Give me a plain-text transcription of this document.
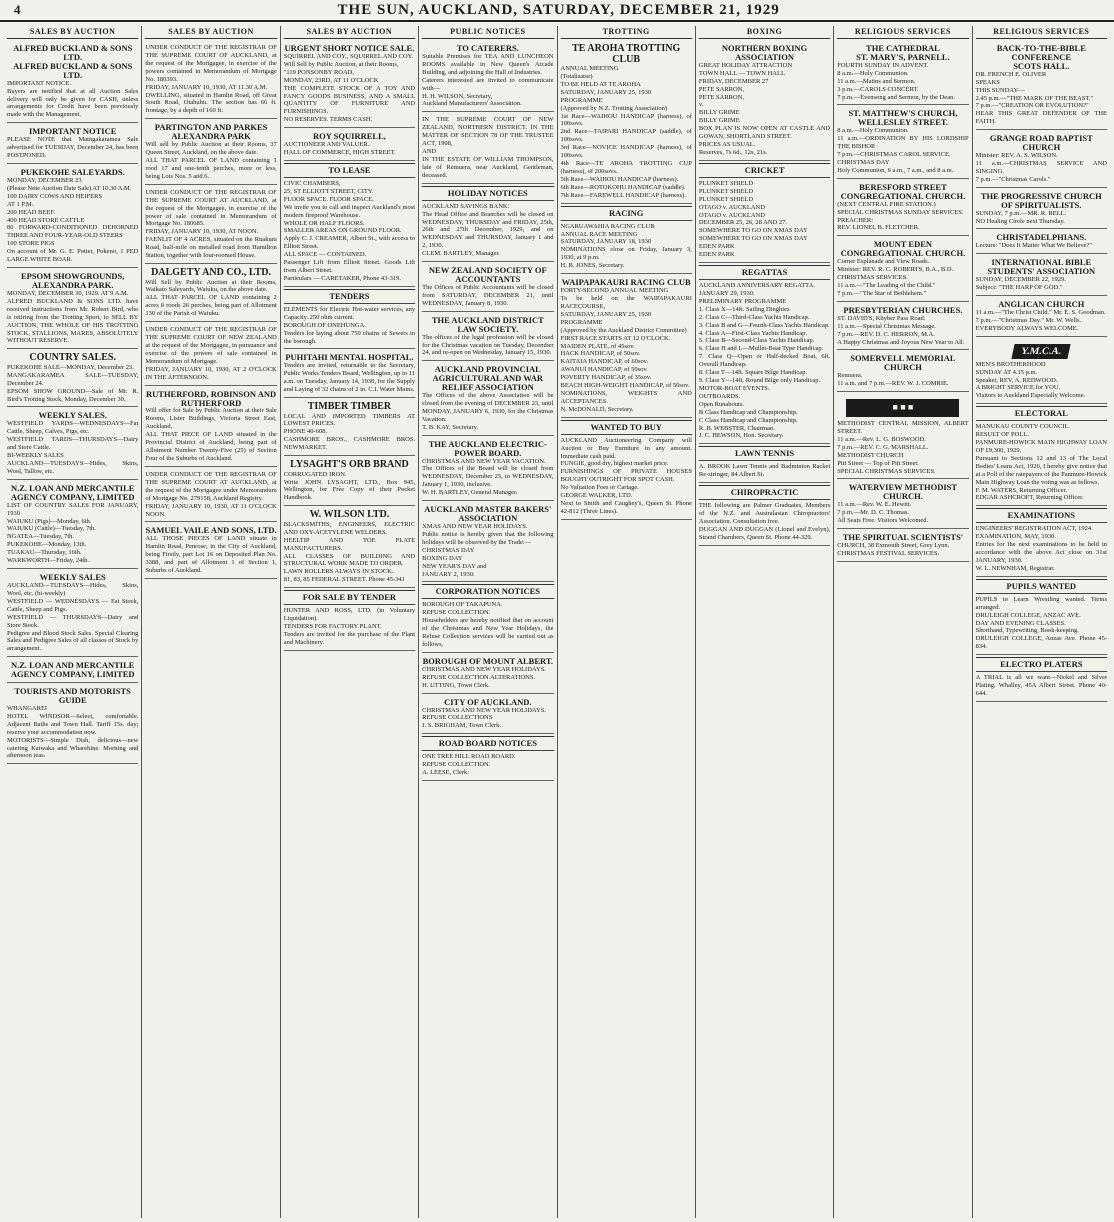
4	THE SUN, AUCKLAND, SATURDAY, DECEMBER 21, 1929

SALES BY AUCTION
ALFRED BUCKLAND & SONS LTD.
ALFRED BUCKLAND & SONS LTD.
IMPORTANT NOTICE.
Buyers are notified that at all Auction Sales delivery will only be given for CASH, unless arrangements for Credit have been previously made with the Management.
IMPORTANT NOTICE
PLEASE NOTE that Matngakaramea Sale advertised for TUESDAY, December 24, has been POSTPONED.
PUKEKOHE SALEYARDS.
MONDAY, DECEMBER 23
(Please Note Auction Date Sale) AT 10.30 A.M.
100 DAIRY COWS AND HEIFERS
AT 1 P.M.
200 HEAD BEEF.
400 HEAD STORE CATTLE
80 FORWARD-CONDITIONED DEHORNED THREE AND FOUR-YEAR-OLD STEERS
100 STORE PIGS
On account of Mr. G. E. Potter, Pokeno, 1 PED LARGE WHITE BOAR.
EPSOM SHOWGROUNDS,
ALEXANDRA PARK.
MONDAY, DECEMBER 30, 1929. AT 9 A.M.
ALFRED BUCKLAND & SONS LTD. have received instructions from Mr. Robert Bird, who is retiring from the Trotting Sport, to SELL BY AUCTION, THE WHOLE OF HIS TROTTING STOCK, STALLIONS, MARES, ABSOLUTELY WITHOUT RESERVE.
COUNTRY SALES.
PUKEKOHE SALE—MONDAY, December 23.
MANGAKARAMEA SALE—TUESDAY, December 24.
EPSOM SHOW GROUND—Sale of Mr. R. Bird's Trotting Stock, Monday, December 30.
WEEKLY SALES.
WESTFIELD YARDS—WEDNESDAYS—Fat Cattle, Sheep, Calves, Pigs, etc.
WESTFIELD TARDS—THURSDAYS—Dairy and Store Cattle.
BI-WEEKLY SALES
AUCKLAND—TUESDAYS—Hides, Skins, Wool, Tallow, etc.
N.Z. LOAN AND MERCANTILE AGENCY COMPANY, LIMITED
LIST OF COUNTRY SALES FOR JANUARY, 1930
WAIUKU (Pigs)—Monday, 6th.
WAIUKU (Cattle)—Tuesday, 7th.
NGATEA—Tuesday, 7th.
PUKEKOHE—Monday, 13th.
TUAKAU—Thursday, 16th.
WARKWORTH—Friday, 24th.
WEEKLY SALES
AUCKLAND—TUESDAYS—Hides, Skins, Wool, etc. (bi-weekly)
WESTFIELD — WEDNESDAYS — Fat Stock, Cattle, Sheep and Pigs.
WESTFIELD — THURSDAYS—Dairy and Store Stock.
Pedigree and Blood Stock Sales. Special Clearing Sales and Pedigree Sales of all classes of Stock by arrangement.
N.Z. LOAN AND MERCANTILE AGENCY COMPANY, LIMITED
TOURISTS AND MOTORISTS GUIDE
WHANGAREI
HOTEL WINDSOR—Select, comfortable. Adjacent Baths and Town Hall. Tariff 15s. day; reserve your accommodation now.
MOTORISTS—Simple Dish, delicious—new catering Kaiwaka and Wharehine. Morning and afternoon teas.
SALES BY AUCTION
UNDER CONDUCT OF THE REGISTRAR OF THE SUPREME COURT OF AUCKLAND, at the request of the Mortgagee, in exercise of the powers contained in Memorandum of Mortgage No. 180393.
FRIDAY, JANUARY 10, 1930, AT 11.30 A.M.
DWELLING, situated in Hamlin Road, off Great South Road, Otahuhu. The section has 66 ft. frontage, by a depth of 160 ft.
PARTINGTON AND PARKES
ALEXANDRA PARK
Will sell by Public Auction at their Rooms, 37 Queen Street, Auckland, on the above date.
ALL THAT PARCEL OF LAND containing 1 rood 17 and one-tenth perches, more or less, being Lots Nos. 5 and 6.
UNDER CONDUCT OF THE REGISTRAR OF THE SUPREME COURT AT AUCKLAND, at the request of the Mortgagee, in exercise of the power of sale contained in Memorandum of Mortgage No. 180685.
FRIDAY, JANUARY 10, 1930, AT NOON.
FAENLIT OF 4 ACRES, situated on the Ruakura Road, half-mile on metalled road from Hamilton Station, together with four-roomed House.
DALGETY AND CO., LTD.
Will Sell by Public Auction at their Rooms, Waikato Saleyards, Waiuku, on the above date.
ALL THAT PARCEL OF LAND containing 2 acres 0 roods 26 perches, being part of Allotment 130 of the Parish of Waiuku.
UNDER CONDUCT OF THE REGISTRAR OF THE SUPREME COURT OF NEW ZEALAND at the request of the Mortgagee, in pursuance and exercise of the powers of sale contained in Memorandum of Mortgage.
FRIDAY, JANUARY 10, 1930, AT 2 O'CLOCK IN THE AFTERNOON.
RUTHERFORD, ROBINSON AND RUTHERFORD
Will offer for Sale by Public Auction at their Sale Rooms, Lister Buildings, Victoria Street East, Auckland.
ALL THAT PIECE OF LAND situated in the Provincial District of Auckland, being part of Allotment Number Twenty-Five (25) of Section Four of the Suburbs of Auckland.
UNDER CONDUCT OF THE REGISTRAR OF THE SUPREME COURT AT AUCKLAND, at the request of the Mortgagee under Memorandum of Mortgage No. 279158, Auckland Registry.
FRIDAY, JANUARY 10, 1930, AT 11 O'CLOCK NOON.
SAMUEL VAILE AND SONS, LTD.
ALL THOSE PIECES OF LAND situate in Hamlin Road, Penrose, in the City of Auckland, being Firstly, part Lot 16 on Deposited Plan No. 3388, and part of Allotment 1 of Section 1, Suburbs of Auckland.
SALES BY AUCTION
URGENT SHORT NOTICE SALE.
SQUIRREL AND COY., SQUIRREL AND COY.
Will Sell by Public Auction, at their Rooms,
"119 PONSONBY ROAD,
MONDAY, 23RD, AT 11 O'CLOCK
THE COMPLETE STOCK OF A TOY AND FANCY GOODS BUSINESS, AND A SMALL QUANTITY OF FURNITURE AND FURNISHINGS.
NO RESERVES. TERMS CASH.
ROY SQUIRRELL,
AUCTIONEER AND VALUER.
HALL OF COMMERCE, HIGH STREET.
TO LEASE
CIVIC CHAMBERS,
25, ST ELLIOTT STREET, CITY.
FLOOR SPACE. FLOOR SPACE.
We invite you to call and inspect Auckland's most modern fireproof Warehouse.
WHOLE OR HALF FLOORS.
SMALLER AREAS ON GROUND FLOOR.
Apply C. J. CREAMER, Albert St., with access to Elliott Street.
ALL SPACE — CONTAINED.
Passenger Lift from Elliott Street. Goods Lift from Albert Street.
Particulars — CARETAKER, Phone 43-319.
TENDERS
ELEMENTS for Electric Hot-water services, any Capacity. 250 ohm current.
BOROUGH OF ONEHUNGA.
Tenders for laying about 750 chains of Sewers in the borough.
PUHITAHI MENTAL HOSPITAL.
Tenders are invited, returnable to the Secretary, Public Works Tenders Board, Wellington, up to 11 a.m. on Tuesday, January 14, 1930, for the Supply and Laying of 32 chains of 2 in. C.I. Water Mains.
TIMBER TIMBER
LOCAL AND IMPORTED TIMBERS AT LOWEST PRICES.
PHONE 40-608.
CASHMORE BROS., CASHMORE BROS. NEWMARKET.
LYSAGHT'S ORB BRAND
CORRUGATED IRON.
Write JOHN LYSAGHT, LTD., Box 945, Wellington, for Free Copy of their Pocket Handbook.
W. WILSON LTD.
BLACKSMITHS, ENGINEERS, ELECTRIC AND OXY-ACETYLENE WELDERS.
HEELTIP AND TOE PLATE MANUFACTURERS.
ALL CLASSES OF BUILDING AND STRUCTURAL WORK MADE TO ORDER.
LAWN ROLLERS ALWAYS IN STOCK.
81, 83, 85 FEDERAL STREET. Phone 45-341
FOR SALE BY TENDER
HUNTER AND ROSS, LTD. (in Voluntary Liquidation).
TENDERS FOR FACTORY PLANT.
Tenders are invited for the purchase of the Plant and Machinery.
PUBLIC NOTICES
TO CATERERS.
Suitable Premises for TEA AND LUNCHEON ROOMS available in New Queen's Arcade Building, and adjoining the Hall of Industries.
Caterers interested are invited to communicate with—
H. H. WILSON, Secretary,
Auckland Manufacturers' Association.
IN THE SUPREME COURT OF NEW ZEALAND, NORTHERN DISTRICT. IN THE MATTER OF SECTION 78 OF THE TRUSTEE ACT, 1908,
AND
IN THE ESTATE OF WILLIAM THOMPSON, late of Remuera, near Auckland, Gentleman, deceased.
HOLIDAY NOTICES
AUCKLAND SAVINGS BANK.
The Head Office and Branches will be closed on WEDNESDAY, THURSDAY and FRIDAY, 25th, 26th and 27th December, 1929, and on WEDNESDAY and THURSDAY, January 1 and 2, 1930.
CLEM. BARTLEY, Manager.
NEW ZEALAND SOCIETY OF ACCOUNTANTS
The Offices of Public Accountants will be closed from SATURDAY, DECEMBER 21, until WEDNESDAY, January 8, 1930.
THE AUCKLAND DISTRICT LAW SOCIETY.
The offices of the legal profession will be closed for the Christmas vacation on Tuesday, December 24, and re-open on Wednesday, January 15, 1930.
AUCKLAND PROVINCIAL AGRICULTURAL AND WAR RELIEF ASSOCIATION
The Offices of the above Association will be closed from the evening of DECEMBER 23, until MONDAY, JANUARY 6, 1930, for the Christmas Vacation.
T. B. KAY, Secretary.
THE AUCKLAND ELECTRIC-POWER BOARD.
CHRISTMAS AND NEW YEAR VACATION.
The Offices of the Board will be closed from WEDNESDAY, December 25, to WEDNESDAY, January 1, 1930, inclusive.
W. H. BARTLEY, General Manager.
AUCKLAND MASTER BAKERS' ASSOCIATION
XMAS AND NEW YEAR HOLIDAYS.
Public notice is hereby given that the following holidays will be observed by the Trade:—
CHRISTMAS DAY
BOXING DAY
NEW YEAR'S DAY and
JANUARY 2, 1930.
CORPORATION NOTICES
BOROUGH OF TAKAPUNA.
REFUSE COLLECTION.
Householders are hereby notified that on account of the Christmas and New Year Holidays, the Refuse Collection services will be carried out as follows.
BOROUGH OF MOUNT ALBERT.
CHRISTMAS AND NEW YEAR HOLIDAYS.
REFUSE COLLECTION ALTERATIONS.
H. UTTING, Town Clerk.
CITY OF AUCKLAND.
CHRISTMAS AND NEW YEAR HOLIDAYS.
REFUSE COLLECTIONS
J. S. BRIGHAM, Town Clerk.
ROAD BOARD NOTICES
ONE TREE HILL ROAD BOARD.
REFUSE COLLECTION.
A. LEESE, Clerk.
TROTTING
TE AROHA TROTTING CLUB
ANNUAL MEETING
(Totalisator)
TO BE HELD AT TE AROHA
SATURDAY, JANUARY 25, 1930
PROGRAMME
(Approved by N.Z. Trotting Association)
1st Race—WAIHOU HANDICAP (harness), of 100sovs.
2nd Race—TAIPARI HANDICAP (saddle), of 100sovs.
3rd Race—NOVICE HANDICAP (harness), of 100sovs.
4th Race—TE AROHA TROTTING CUP (harness), of 200sovs.
5th Race—WAIHOU HANDICAP (harness).
6th Race—ROTOKOHU HANDICAP (saddle).
7th Race—FAREWELL HANDICAP (harness).
RACING
NGARUAWAHIA RACING CLUB
ANNUAL RACE MEETING
SATURDAY, JANUARY 18, 1930
NOMINATIONS close on Friday, January 3, 1930, at 9 p.m.
H. B. JONES, Secretary.
WAIPAPAKAURI RACING CLUB
FORTY-SECOND ANNUAL MEETING
To be held on the WAIPAPAKAURI RACECOURSE,
SATURDAY, JANUARY 25, 1930
PROGRAMME
(Approved by the Auckland District Committee)
FIRST RACE STARTS AT 12 O'CLOCK.
MAIDEN PLATE, of 45sov.
HACK HANDICAP, of 50sov.
KAITAIA HANDICAP, of 60sov.
AWANUI HANDICAP, of 50sov.
POVERTY HANDICAP, of 35sov.
BEACH HIGH-WEIGHT HANDICAP, of 50sov.
NOMINATIONS, WEIGHTS AND ACCEPTANCES.
N. McDONALD, Secretary.
WANTED TO BUY
AUCKLAND Auctioneering Company will Auction or Buy Furniture to any amount. Immediate cash paid.
FUNGIE, good dry, highest market price.
FURNISHINGS OF PRIVATE HOUSES BOUGHT OUTRIGHT FOR SPOT CASH.
No Valuation Fees or Cartage.
GEORGE WALKER, LTD.
Next to Smith and Caughey's, Queen St. Phone 42-812 (Three Lines).
BOXING
NORTHERN BOXING ASSOCIATION
GREAT HOLIDAY ATTRACTION
TOWN HALL — TOWN HALL
FRIDAY, DECEMBER 27
PETE SARRON,
PETE SARRON,
v.
BILLY GRIME
BILLY GRIME
BOX PLAN IS NOW OPEN AT CASTLE AND GOWAN, SHORTLAND STREET.
PRICES AS USUAL.
Reserves, 7s 6d., 12s, 21s.
CRICKET
PLUNKET SHIELD
PLUNKET SHIELD
PLUNKET SHIELD
OTAGO v. AUCKLAND
OTAGO v. AUCKLAND
DECEMBER 25, 26, 28 AND 27.
SOMEWHERE TO GO ON XMAS DAY
SOMEWHERE TO GO ON XMAS DAY
EDEN PARK
EDEN PARK
REGATTAS
AUCKLAND ANNIVERSARY REGATTA.
JANUARY 29, 1930.
PRELIMINARY PROGRAMME
1. Class X—14ft. Sailing Dinghies
2. Class C—Third-Class Yachts Handicap.
3. Class B and G—Fourth-Class Yachts Handicap.
4. Class A—First-Class Yachts Handicap.
5. Class B—Second-Class Yachts Handicap.
6. Class H and L—Mullet-Boat Type Handicap.
7. Class Q—Open or Half-decked Boat, 6ft. Overall Handicap.
8. Class T—14ft. Square Bilge Handicap.
9. Class Y—14ft. Round Bilge only Handicap.
MOTOR-BOAT EVENTS.
OUTBOARDS.
Open Runabouts.
B Class Handicap and Championship.
C Class Handicap and Championship.
R. B. WEBSTER, Chairman.
J. C. HEWSON, Hon. Secretary.
LAWN TENNIS
A. BROOK Lawn Tennis and Badminton Racket Re-stringer, 84 Albert St.
CHIROPRACTIC
THE following are Palmer Graduates, Members of the N.Z. and Australasian Chiropractors' Association. Consultation free.
DUGGAN AND DUGGAN (Lionel and Evelyn), Strand Chambers, Queen St. Phone 44-329.
RELIGIOUS SERVICES
THE CATHEDRAL
ST. MARY'S, PARNELL.
FOURTH SUNDAY IN ADVENT.
8 a.m.—Holy Communion.
11 a.m.—Matins and Sermon.
3 p.m.—CAROLS CONCERT.
7 p.m.—Evensong and Sermon, by the Dean.
ST. MATTHEW'S CHURCH, WELLESLEY STREET.
8 a.m.—Holy Communion.
11 a.m.—ORDINATION BY HIS LORDSHIP THE BISHOP.
7 p.m.—CHRISTMAS CAROL SERVICE.
CHRISTMAS DAY
Holy Communion, 6 a.m., 7 a.m., and 8 a.m.
BERESFORD STREET CONGREGATIONAL CHURCH.
(NEXT CENTRAL FIRE STATION.)
SPECIAL CHRISTMAS SUNDAY SERVICES.
PREACHER:
REV. LIONEL B. FLETCHER.
MOUNT EDEN CONGREGATIONAL CHURCH.
Corner Esplanade and View Roads.
Minister: REV. R. C. ROBERTS, B.A., B.D.
CHRISTMAS SERVICES.
11 a.m.—"The Leading of the Child."
7 p.m.—"The Star of Bethlehem."
PRESBYTERIAN CHURCHES.
ST. DAVID'S, Khyber Pass Road.
11 a.m.—Special Christmas Message.
7 p.m.—REV. D. C. HERRON, M.A.
A Happy Christmas and Joyous New Year to All.
SOMERVELL MEMORIAL CHURCH
Remuera.
11 a.m. and 7 p.m.—REV. W. J. COMRIE.
■ ■ ■
METHODIST CENTRAL MISSION, ALBERT STREET.
11 a.m.—Rev. L. G. BOSWOOD.
7 p.m.—REV. C. G. MARSHALL.
METHODIST CHURCH
Pitt Street — Top of Pitt Street.
SPECIAL CHRISTMAS SERVICES.
WATERVIEW METHODIST CHURCH.
11 a.m.—Rev. W. E. Hewitt.
7 p.m.—Mr. D. C. Thomas.
All Seats Free. Visitors Welcomed.
THE SPIRITUAL SCIENTISTS'
CHURCH, 38 Exmouth Street, Grey Lynn.
CHRISTMAS FESTIVAL SERVICES.
RELIGIOUS SERVICES
BACK-TO-THE-BIBLE CONFERENCE
SCOTS HALL.
DR. FRENCH E. OLIVER
SPEAKS
THIS SUNDAY—
2.45 p.m.—"THE MARK OF THE BEAST."
7 p.m.—"CREATION OR EVOLUTION?"
HEAR THIS GREAT DEFENDER OF THE FAITH.
GRANGE ROAD BAPTIST CHURCH
Minister: REV. A. S. WILSON.
11 a.m.—CHRISTMAS SERVICE AND SINGING.
7 p.m.—"Christmas Carols."
THE PROGRESSIVE CHURCH OF SPIRITUALISTS.
SUNDAY, 7 p.m.—MR. R. BELL.
NO Healing Circle next Thursday.
CHRISTADELPHIANS.
Lecture: "Does It Matter What We Believe?"
INTERNATIONAL BIBLE STUDENTS' ASSOCIATION
SUNDAY, DECEMBER 22, 1929.
Subject: "THE HARP OF GOD."
ANGLICAN CHURCH
11 a.m.—"The Christ Child." Mr. E. S. Goodman.
7 p.m.—"Christmas Day." Mr. W. Wells.
EVERYBODY ALWAYS WELCOME.
Y.M.C.A.
MEN'S BROTHERHOOD
SUNDAY AT 4.15 p.m.
Speaker, REV. A. REDWOOD.
A BRIGHT SERVICE for YOU.
Visitors to Auckland Especially Welcome.
ELECTORAL
MANUKAU COUNTY COUNCIL
RESULT OF POLL.
PANMURE-HOWICK MAIN HIGHWAY LOAN OF £9,300, 1929.
Pursuant to Sections 12 and 13 of The Local Bodies' Loans Act, 1926, I hereby give notice that at a Poll of the ratepayers of the Panmure-Howick Main Highway Loan the voting was as follows.
F. M. WATERS, Returning Officer.
EDGAR ASHCROFT, Returning Officer.
EXAMINATIONS
ENGINEERS' REGISTRATION ACT, 1924.
EXAMINATION, MAY, 1930.
Entries for the next examinations to be held in accordance with the above Act close on 31st JANUARY, 1930.
W. L. NEWNHAM, Registrar.
PUPILS WANTED
PUPILS to Learn Wrestling wanted. Terms arranged.
DRULEIGH COLLEGE, ANZAC AVE.
DAY AND EVENING CLASSES.
Shorthand, Typewriting, Book-keeping.
DRULEIGH COLLEGE, Anzac Ave. Phone 45-834.
ELECTRO PLATERS
A TRIAL is all we want—Nickel and Silver Plating. Whalley, 45A Albert Street. Phone 40-644.
